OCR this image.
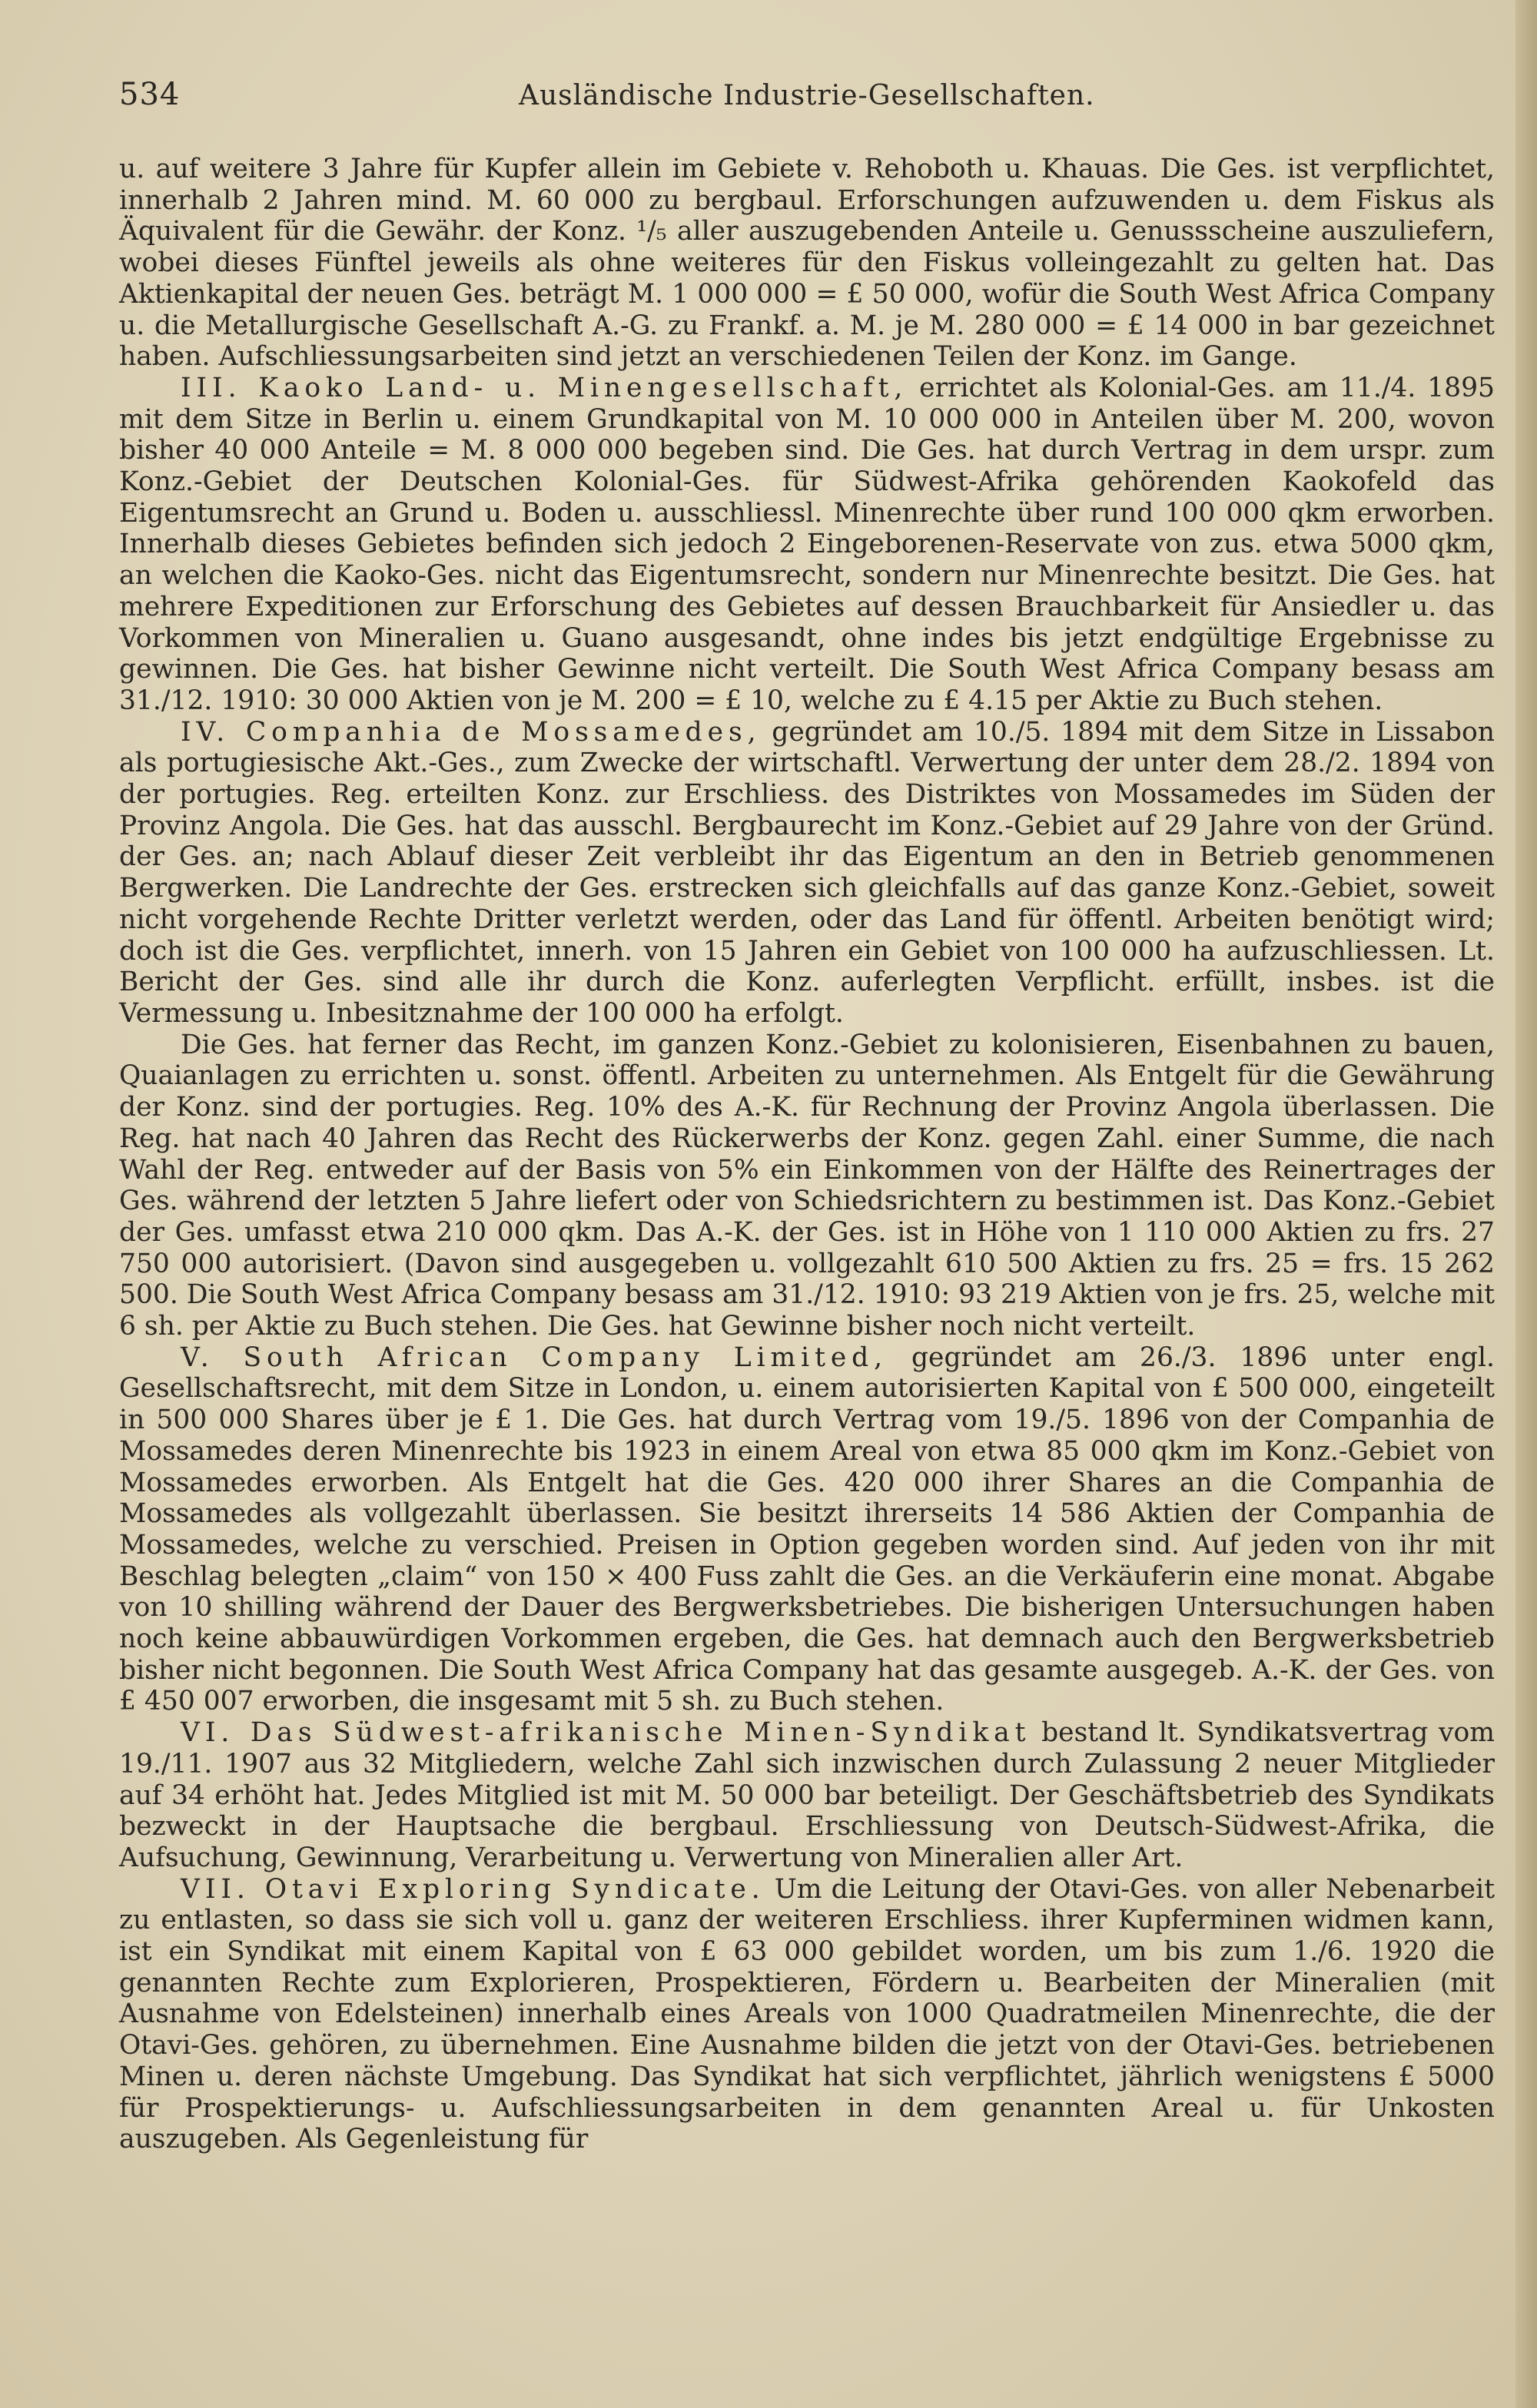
534	Ausländische Industrie-Gesellschaften.

u. auf weitere 3 Jahre für Kupfer allein im Gebiete v. Rehoboth u. Khauas. Die Ges. ist verpflichtet, innerhalb 2 Jahren mind. M. 60 000 zu bergbaul. Erforschungen aufzuwenden u. dem Fiskus als Äquivalent für die Gewähr. der Konz. ¹/₅ aller auszugebenden Anteile u. Genussscheine auszuliefern, wobei dieses Fünftel jeweils als ohne weiteres für den Fiskus volleingezahlt zu gelten hat. Das Aktienkapital der neuen Ges. beträgt M. 1 000 000 = £ 50 000, wofür die South West Africa Company u. die Metallurgische Gesellschaft A.-G. zu Frankf. a. M. je M. 280 000 = £ 14 000 in bar gezeichnet haben. Aufschliessungsarbeiten sind jetzt an verschiedenen Teilen der Konz. im Gange.

III. Kaoko Land- u. Minengesellschaft, errichtet als Kolonial-Ges. am 11./4. 1895 mit dem Sitze in Berlin u. einem Grundkapital von M. 10 000 000 in Anteilen über M. 200, wovon bisher 40 000 Anteile = M. 8 000 000 begeben sind. Die Ges. hat durch Vertrag in dem urspr. zum Konz.-Gebiet der Deutschen Kolonial-Ges. für Südwest-Afrika gehörenden Kaokofeld das Eigentumsrecht an Grund u. Boden u. ausschliessl. Minenrechte über rund 100 000 qkm erworben. Innerhalb dieses Gebietes befinden sich jedoch 2 Eingeborenen-Reservate von zus. etwa 5000 qkm, an welchen die Kaoko-Ges. nicht das Eigentumsrecht, sondern nur Minenrechte besitzt. Die Ges. hat mehrere Expeditionen zur Erforschung des Gebietes auf dessen Brauchbarkeit für Ansiedler u. das Vorkommen von Mineralien u. Guano ausgesandt, ohne indes bis jetzt endgültige Ergebnisse zu gewinnen. Die Ges. hat bisher Gewinne nicht verteilt. Die South West Africa Company besass am 31./12. 1910: 30 000 Aktien von je M. 200 = £ 10, welche zu £ 4.15 per Aktie zu Buch stehen.

IV. Companhia de Mossamedes, gegründet am 10./5. 1894 mit dem Sitze in Lissabon als portugiesische Akt.-Ges., zum Zwecke der wirtschaftl. Verwertung der unter dem 28./2. 1894 von der portugies. Reg. erteilten Konz. zur Erschliess. des Distriktes von Mossamedes im Süden der Provinz Angola. Die Ges. hat das ausschl. Bergbaurecht im Konz.-Gebiet auf 29 Jahre von der Gründ. der Ges. an; nach Ablauf dieser Zeit verbleibt ihr das Eigentum an den in Betrieb genommenen Bergwerken. Die Landrechte der Ges. erstrecken sich gleichfalls auf das ganze Konz.-Gebiet, soweit nicht vorgehende Rechte Dritter verletzt werden, oder das Land für öffentl. Arbeiten benötigt wird; doch ist die Ges. verpflichtet, innerh. von 15 Jahren ein Gebiet von 100 000 ha aufzuschliessen. Lt. Bericht der Ges. sind alle ihr durch die Konz. auferlegten Verpflicht. erfüllt, insbes. ist die Vermessung u. Inbesitznahme der 100 000 ha erfolgt.

Die Ges. hat ferner das Recht, im ganzen Konz.-Gebiet zu kolonisieren, Eisenbahnen zu bauen, Quaianlagen zu errichten u. sonst. öffentl. Arbeiten zu unternehmen. Als Entgelt für die Gewährung der Konz. sind der portugies. Reg. 10% des A.-K. für Rechnung der Provinz Angola überlassen. Die Reg. hat nach 40 Jahren das Recht des Rückerwerbs der Konz. gegen Zahl. einer Summe, die nach Wahl der Reg. entweder auf der Basis von 5% ein Einkommen von der Hälfte des Reinertrages der Ges. während der letzten 5 Jahre liefert oder von Schiedsrichtern zu bestimmen ist. Das Konz.-Gebiet der Ges. umfasst etwa 210 000 qkm. Das A.-K. der Ges. ist in Höhe von 1 110 000 Aktien zu frs. 27 750 000 autorisiert. (Davon sind ausgegeben u. vollgezahlt 610 500 Aktien zu frs. 25 = frs. 15 262 500. Die South West Africa Company besass am 31./12. 1910: 93 219 Aktien von je frs. 25, welche mit 6 sh. per Aktie zu Buch stehen. Die Ges. hat Gewinne bisher noch nicht verteilt.

V. South African Company Limited, gegründet am 26./3. 1896 unter engl. Gesellschaftsrecht, mit dem Sitze in London, u. einem autorisierten Kapital von £ 500 000, eingeteilt in 500 000 Shares über je £ 1. Die Ges. hat durch Vertrag vom 19./5. 1896 von der Companhia de Mossamedes deren Minenrechte bis 1923 in einem Areal von etwa 85 000 qkm im Konz.-Gebiet von Mossamedes erworben. Als Entgelt hat die Ges. 420 000 ihrer Shares an die Companhia de Mossamedes als vollgezahlt überlassen. Sie besitzt ihrerseits 14 586 Aktien der Companhia de Mossamedes, welche zu verschied. Preisen in Option gegeben worden sind. Auf jeden von ihr mit Beschlag belegten „claim“ von 150 × 400 Fuss zahlt die Ges. an die Verkäuferin eine monat. Abgabe von 10 shilling während der Dauer des Bergwerksbetriebes. Die bisherigen Untersuchungen haben noch keine abbauwürdigen Vorkommen ergeben, die Ges. hat demnach auch den Bergwerksbetrieb bisher nicht begonnen. Die South West Africa Company hat das gesamte ausgegeb. A.-K. der Ges. von £ 450 007 erworben, die insgesamt mit 5 sh. zu Buch stehen.

VI. Das Südwest-afrikanische Minen-Syndikat bestand lt. Syndikatsvertrag vom 19./11. 1907 aus 32 Mitgliedern, welche Zahl sich inzwischen durch Zulassung 2 neuer Mitglieder auf 34 erhöht hat. Jedes Mitglied ist mit M. 50 000 bar beteiligt. Der Geschäftsbetrieb des Syndikats bezweckt in der Hauptsache die bergbaul. Erschliessung von Deutsch-Südwest-Afrika, die Aufsuchung, Gewinnung, Verarbeitung u. Verwertung von Mineralien aller Art.

VII. Otavi Exploring Syndicate. Um die Leitung der Otavi-Ges. von aller Nebenarbeit zu entlasten, so dass sie sich voll u. ganz der weiteren Erschliess. ihrer Kupferminen widmen kann, ist ein Syndikat mit einem Kapital von £ 63 000 gebildet worden, um bis zum 1./6. 1920 die genannten Rechte zum Explorieren, Prospektieren, Fördern u. Bearbeiten der Mineralien (mit Ausnahme von Edelsteinen) innerhalb eines Areals von 1000 Quadratmeilen Minenrechte, die der Otavi-Ges. gehören, zu übernehmen. Eine Ausnahme bilden die jetzt von der Otavi-Ges. betriebenen Minen u. deren nächste Umgebung. Das Syndikat hat sich verpflichtet, jährlich wenigstens £ 5000 für Prospektierungs- u. Aufschliessungsarbeiten in dem genannten Areal u. für Unkosten auszugeben. Als Gegenleistung für
